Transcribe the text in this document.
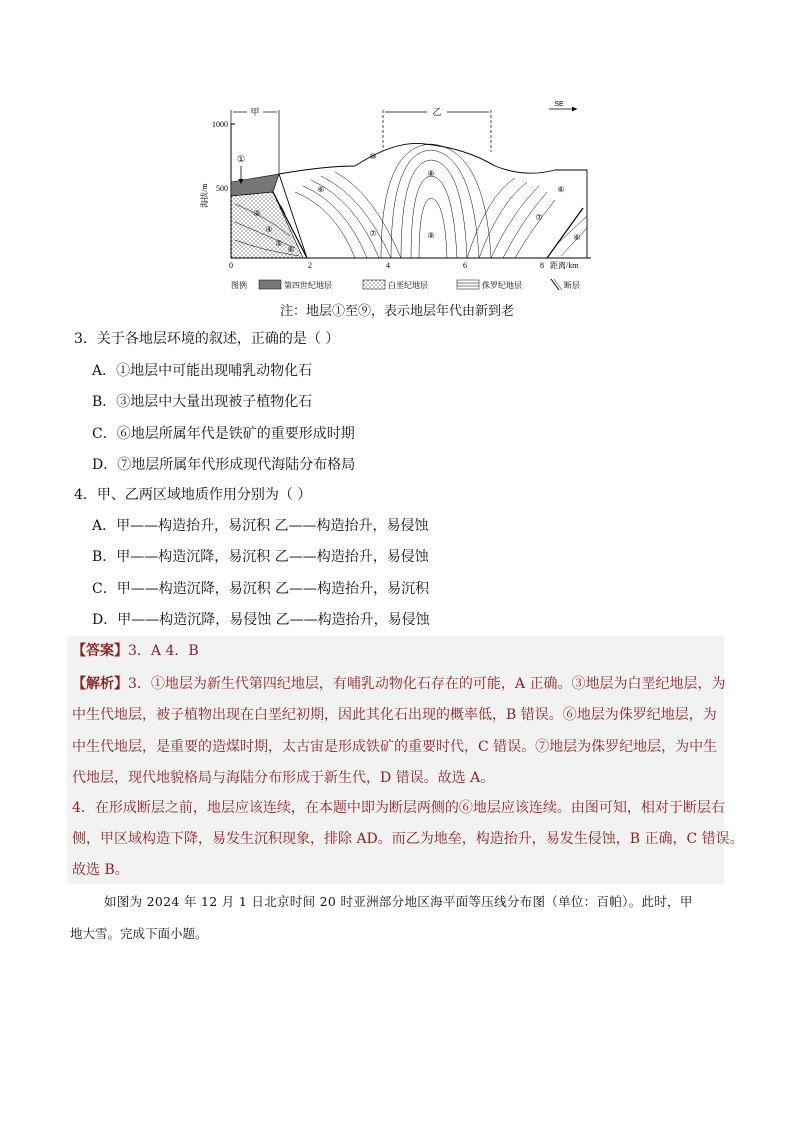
1000
500
0	2	4	6	8 距离/km
海拔/m
甲	乙
SE
①	⑩
⑥
③
④
⑤
⑥
⑦
⑧
⑨
⑥
⑦
⑥
图例	第四世纪地层	白垩纪地层	侏罗纪地层	断层
注：地层①至⑨，表示地层年代由新到老
3．关于各地层环境的叙述，正确的是（ ）
A．①地层中可能出现哺乳动物化石
B．③地层中大量出现被子植物化石
C．⑥地层所属年代是铁矿的重要形成时期
D．⑦地层所属年代形成现代海陆分布格局
4．甲、乙两区域地质作用分别为（ ）
A．甲——构造抬升，易沉积 乙——构造抬升，易侵蚀
B．甲——构造沉降，易沉积 乙——构造抬升，易侵蚀
C．甲——构造沉降，易沉积 乙——构造抬升，易沉积
D．甲——构造沉降，易侵蚀 乙——构造抬升，易侵蚀
【答案】3．A 4．B
【解析】3．①地层为新生代第四纪地层，有哺乳动物化石存在的可能，A 正确。③地层为白垩纪地层，为
中生代地层，被子植物出现在白垩纪初期，因此其化石出现的概率低，B 错误。⑥地层为侏罗纪地层，为
中生代地层，是重要的造煤时期，太古宙是形成铁矿的重要时代，C 错误。⑦地层为侏罗纪地层，为中生
代地层，现代地貌格局与海陆分布形成于新生代，D 错误。故选 A。
4．在形成断层之前，地层应该连续，在本题中即为断层两侧的⑥地层应该连续。由图可知，相对于断层右
侧，甲区域构造下降，易发生沉积现象，排除 AD。而乙为地垒，构造抬升，易发生侵蚀，B 正确，C 错误。
故选 B。
如图为 2024 年 12 月 1 日北京时间 20 时亚洲部分地区海平面等压线分布图（单位：百帕）。此时，甲
地大雪。完成下面小题。
